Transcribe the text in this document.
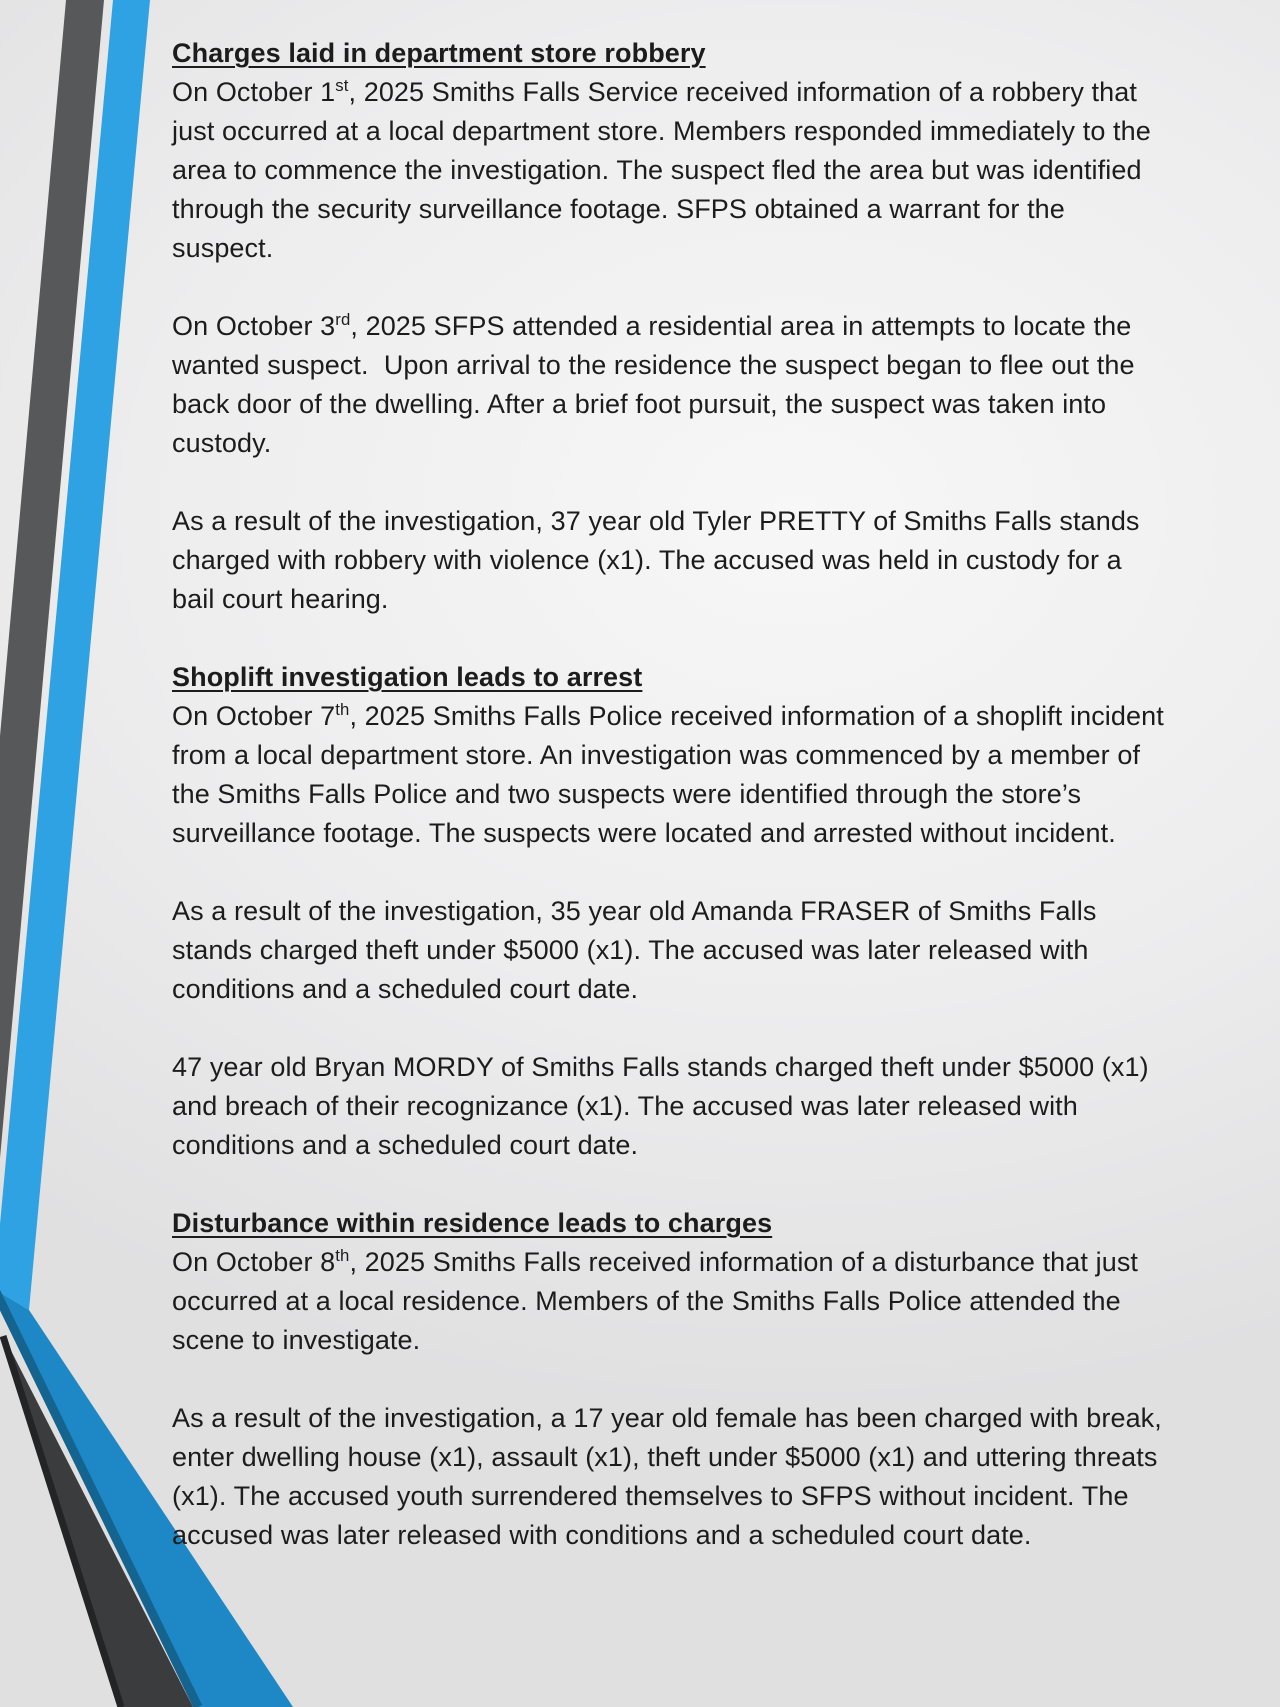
Charges laid in department store robbery

On October 1st, 2025 Smiths Falls Service received information of a robbery that just occurred at a local department store. Members responded immediately to the area to commence the investigation. The suspect fled the area but was identified through the security surveillance footage. SFPS obtained a warrant for the suspect.

On October 3rd, 2025 SFPS attended a residential area in attempts to locate the wanted suspect.  Upon arrival to the residence the suspect began to flee out the back door of the dwelling. After a brief foot pursuit, the suspect was taken into custody.

As a result of the investigation, 37 year old Tyler PRETTY of Smiths Falls stands charged with robbery with violence (x1). The accused was held in custody for a bail court hearing.

Shoplift investigation leads to arrest

On October 7th, 2025 Smiths Falls Police received information of a shoplift incident from a local department store. An investigation was commenced by a member of the Smiths Falls Police and two suspects were identified through the store’s surveillance footage. The suspects were located and arrested without incident.

As a result of the investigation, 35 year old Amanda FRASER of Smiths Falls stands charged theft under $5000 (x1). The accused was later released with conditions and a scheduled court date.

47 year old Bryan MORDY of Smiths Falls stands charged theft under $5000 (x1) and breach of their recognizance (x1). The accused was later released with conditions and a scheduled court date.

Disturbance within residence leads to charges

On October 8th, 2025 Smiths Falls received information of a disturbance that just occurred at a local residence. Members of the Smiths Falls Police attended the scene to investigate.

As a result of the investigation, a 17 year old female has been charged with break, enter dwelling house (x1), assault (x1), theft under $5000 (x1) and uttering threats (x1). The accused youth surrendered themselves to SFPS without incident. The accused was later released with conditions and a scheduled court date.
